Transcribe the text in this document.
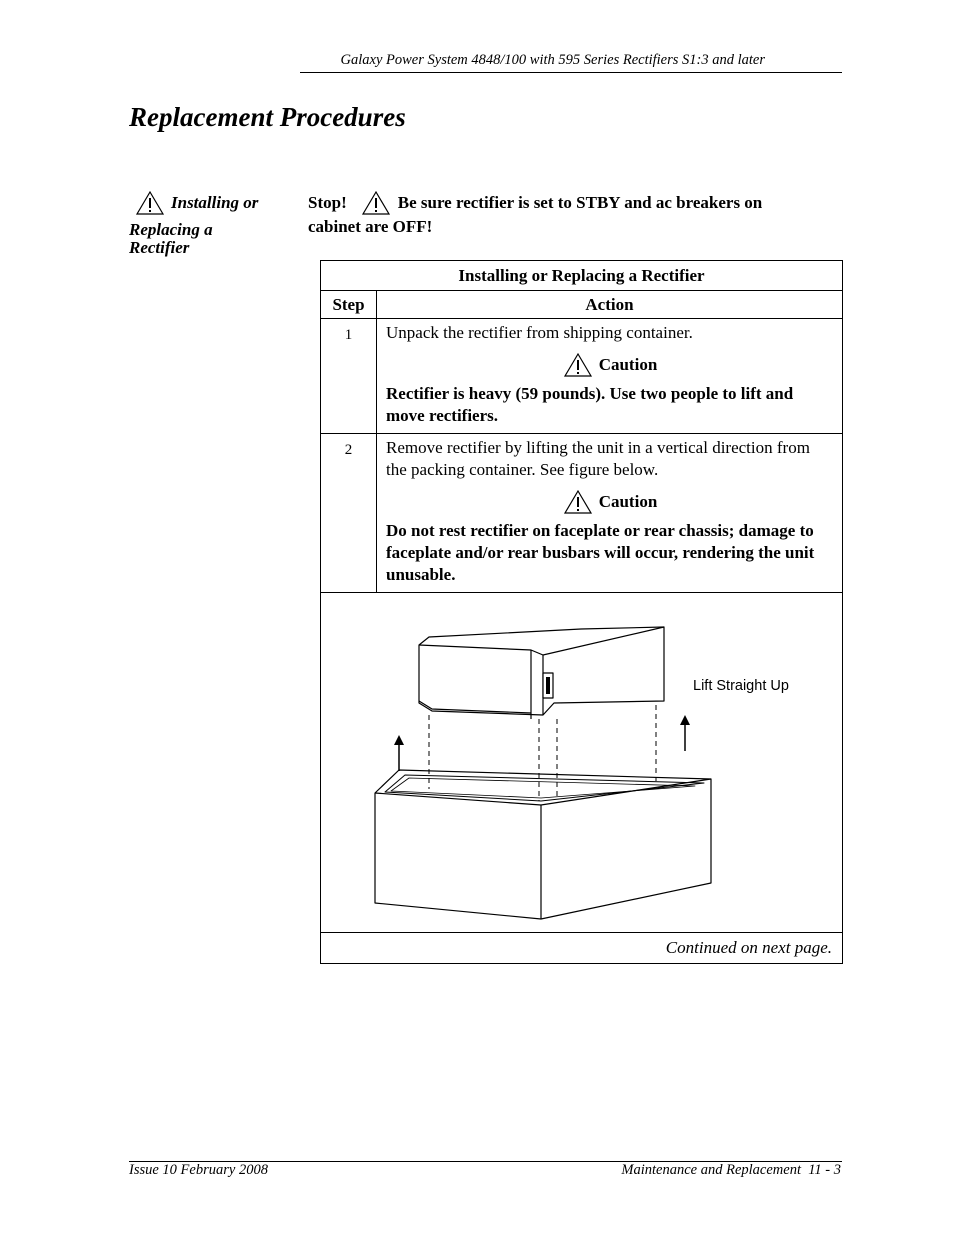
Galaxy Power System 4848/100 with 595 Series Rectifiers S1:3 and later
Replacement Procedures
Installing or
Replacing a
Rectifier
Stop!	Be sure rectifier is set to STBY and ac breakers on
cabinet are OFF!
Installing or Replacing a Rectifier
Step	Action
1	Unpack the rectifier from shipping container.
Caution
Rectifier is heavy (59 pounds). Use two people to lift and move rectifiers.
2	Remove rectifier by lifting the unit in a vertical direction from the packing container. See figure below.
Caution
Do not rest rectifier on faceplate or rear chassis; damage to faceplate and/or rear busbars will occur, rendering the unit unusable.
Lift Straight Up
Continued on next page.
Issue 10 February 2008	Maintenance and Replacement  11 - 3
